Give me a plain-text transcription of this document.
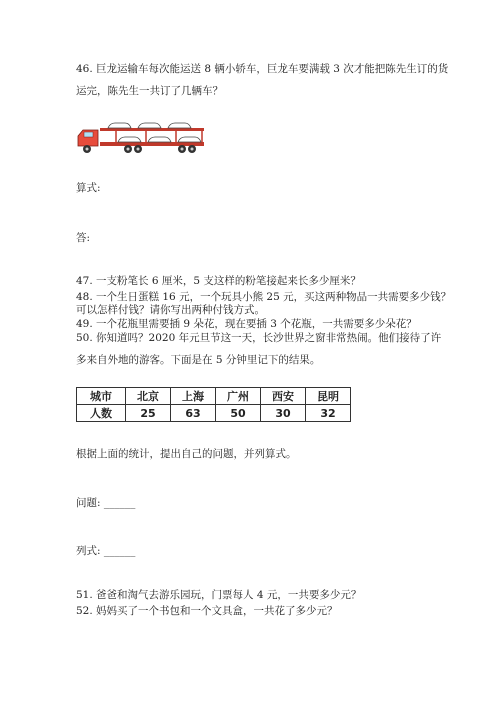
46. 巨龙运输车每次能运送 8 辆小轿车，巨龙车要满载 3 次才能把陈先生订的货
运完，陈先生一共订了几辆车？
算式:
答:
47. 一支粉笔长 6 厘米，5 支这样的粉笔接起来长多少厘米？
48. 一个生日蛋糕 16 元，一个玩具小熊 25 元，买这两种物品一共需要多少钱？
可以怎样付钱？请你写出两种付钱方式。
49. 一个花瓶里需要插 9 朵花，现在要插 3 个花瓶，一共需要多少朵花？
50. 你知道吗？2020 年元旦节这一天，长沙世界之窗非常热闹。他们接待了许
多来自外地的游客。下面是在 5 分钟里记下的结果。
城市	北京	上海	广州	西安	昆明
人数	25	63	50	30	32
根据上面的统计，提出自己的问题，并列算式。
问题: ______
列式: ______
51. 爸爸和淘气去游乐园玩，门票每人 4 元，一共要多少元？
52. 妈妈买了一个书包和一个文具盒，一共花了多少元？
